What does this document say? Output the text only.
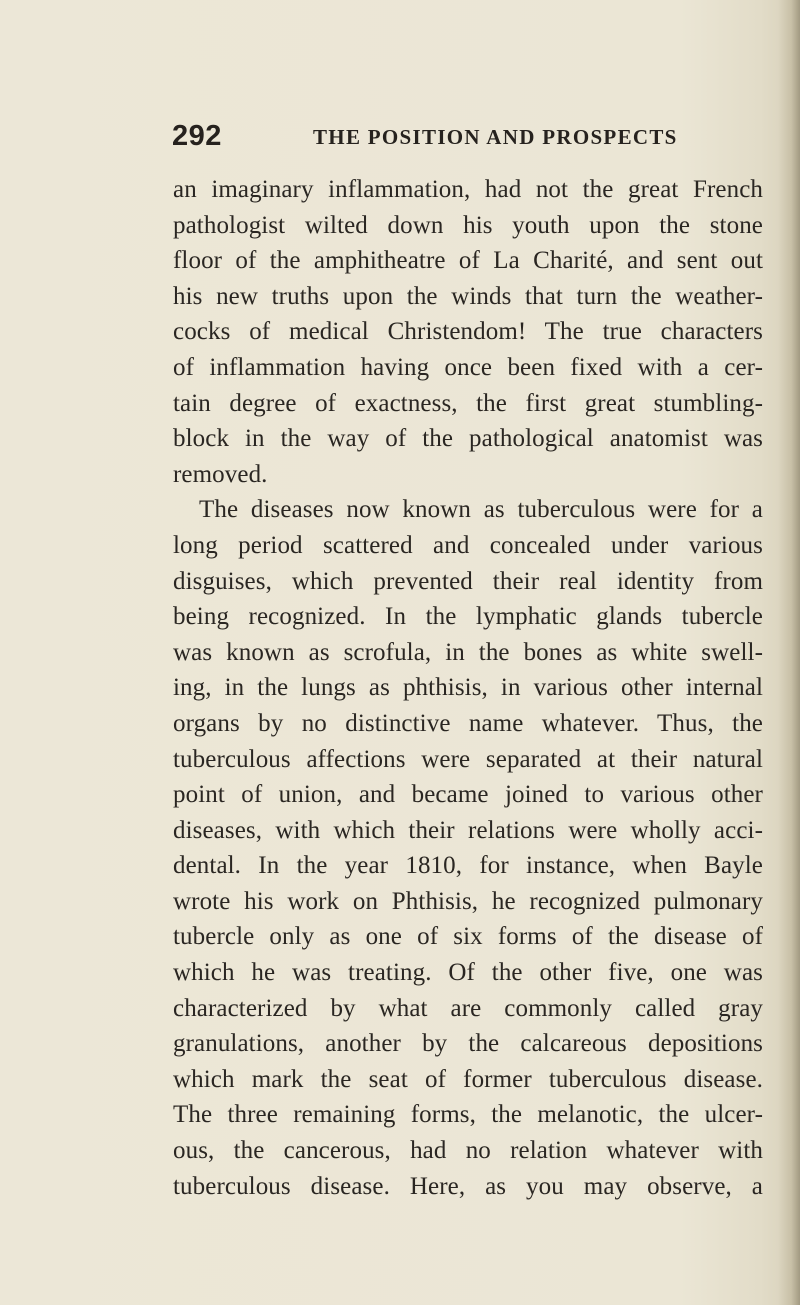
292	THE POSITION AND PROSPECTS
an imaginary inflammation, had not the great French
pathologist wilted down his youth upon the stone
floor of the amphitheatre of La Charité, and sent out
his new truths upon the winds that turn the weather-
cocks of medical Christendom! The true characters
of inflammation having once been fixed with a cer-
tain degree of exactness, the first great stumbling-
block in the way of the pathological anatomist was
removed.
The diseases now known as tuberculous were for a
long period scattered and concealed under various
disguises, which prevented their real identity from
being recognized. In the lymphatic glands tubercle
was known as scrofula, in the bones as white swell-
ing, in the lungs as phthisis, in various other internal
organs by no distinctive name whatever. Thus, the
tuberculous affections were separated at their natural
point of union, and became joined to various other
diseases, with which their relations were wholly acci-
dental. In the year 1810, for instance, when Bayle
wrote his work on Phthisis, he recognized pulmonary
tubercle only as one of six forms of the disease of
which he was treating. Of the other five, one was
characterized by what are commonly called gray
granulations, another by the calcareous depositions
which mark the seat of former tuberculous disease.
The three remaining forms, the melanotic, the ulcer-
ous, the cancerous, had no relation whatever with
tuberculous disease. Here, as you may observe, a
